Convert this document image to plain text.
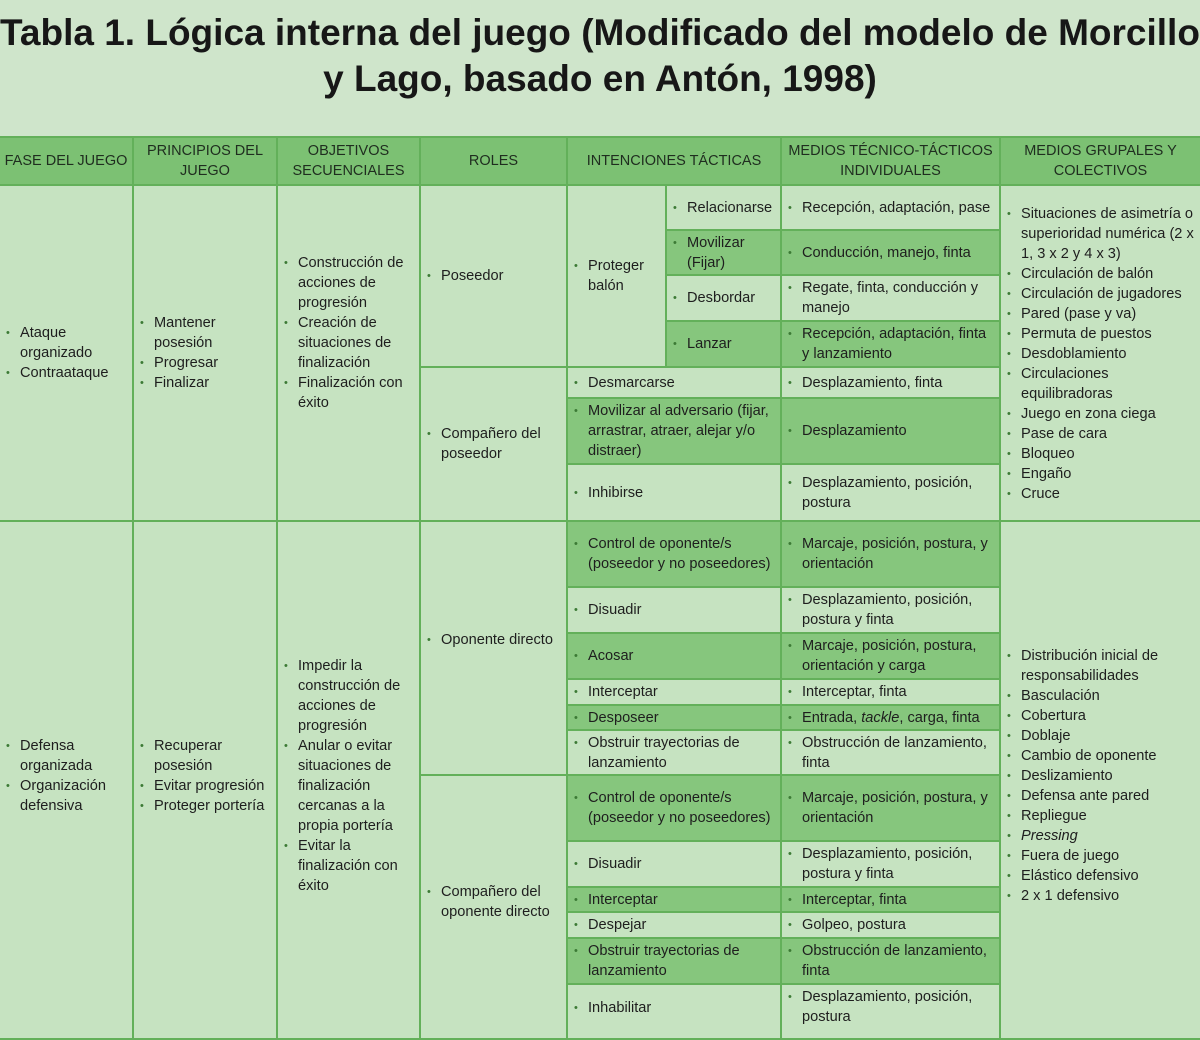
Tabla 1. Lógica interna del juego (Modificado del modelo de Morcillo y Lago, basado en Antón, 1998)
FASE DEL JUEGO
PRINCIPIOS DEL JUEGO
OBJETIVOS SECUENCIALES
ROLES	INTENCIONES TÁCTICAS
MEDIOS TÉCNICO-TÁCTICOS INDIVIDUALES
MEDIOS GRUPALES Y COLECTIVOS
• Ataque organizado
• Contraataque
• Mantener posesión
• Progresar
• Finalizar
• Construcción de acciones de progresión
• Creación de situaciones de finalización
• Finalización con éxito
• Poseedor
• Compañero del poseedor
• Proteger balón
• Relacionarse
• Movilizar (Fijar)
• Desbordar
• Lanzar
• Recepción, adaptación, pase
• Conducción, manejo, finta
• Regate, finta, conducción y manejo
• Recepción, adaptación, finta y lanzamiento
• Desmarcarse
• Movilizar al adversario (fijar, arrastrar, atraer, alejar y/o distraer)
• Inhibirse
• Desplazamiento, finta
• Desplazamiento
• Desplazamiento, posición, postura
• Situaciones de asimetría o superioridad numérica (2 x 1, 3 x 2 y 4 x 3)
• Circulación de balón
• Circulación de jugadores
• Pared (pase y va)
• Permuta de puestos
• Desdoblamiento
• Circulaciones equilibradoras
• Juego en zona ciega
• Pase de cara
• Bloqueo
• Engaño
• Cruce
• Defensa organizada
• Organización defensiva
• Recuperar posesión
• Evitar progresión
• Proteger portería
• Impedir la construcción de acciones de progresión
• Anular o evitar situaciones de finalización cercanas a la propia portería
• Evitar la finalización con éxito
• Oponente directo
• Compañero del oponente directo
• Control de oponente/s (poseedor y no poseedores)
• Disuadir
• Acosar
• Interceptar
• Desposeer
• Obstruir trayectorias de lanzamiento
• Marcaje, posición, postura, y orientación
• Desplazamiento, posición, postura y finta
• Marcaje, posición, postura, orientación y carga
• Interceptar, finta
• Entrada, tackle, carga, finta
• Obstrucción de lanzamiento, finta
• Control de oponente/s (poseedor y no poseedores)
• Disuadir
• Interceptar
• Despejar
• Obstruir trayectorias de lanzamiento
• Inhabilitar
• Marcaje, posición, postura, y orientación
• Desplazamiento, posición, postura y finta
• Interceptar, finta
• Golpeo, postura
• Obstrucción de lanzamiento, finta
• Desplazamiento, posición, postura
• Distribución inicial de responsabilidades
• Basculación
• Cobertura
• Doblaje
• Cambio de oponente
• Deslizamiento
• Defensa ante pared
• Repliegue
• Pressing
• Fuera de juego
• Elástico defensivo
• 2 x 1 defensivo
